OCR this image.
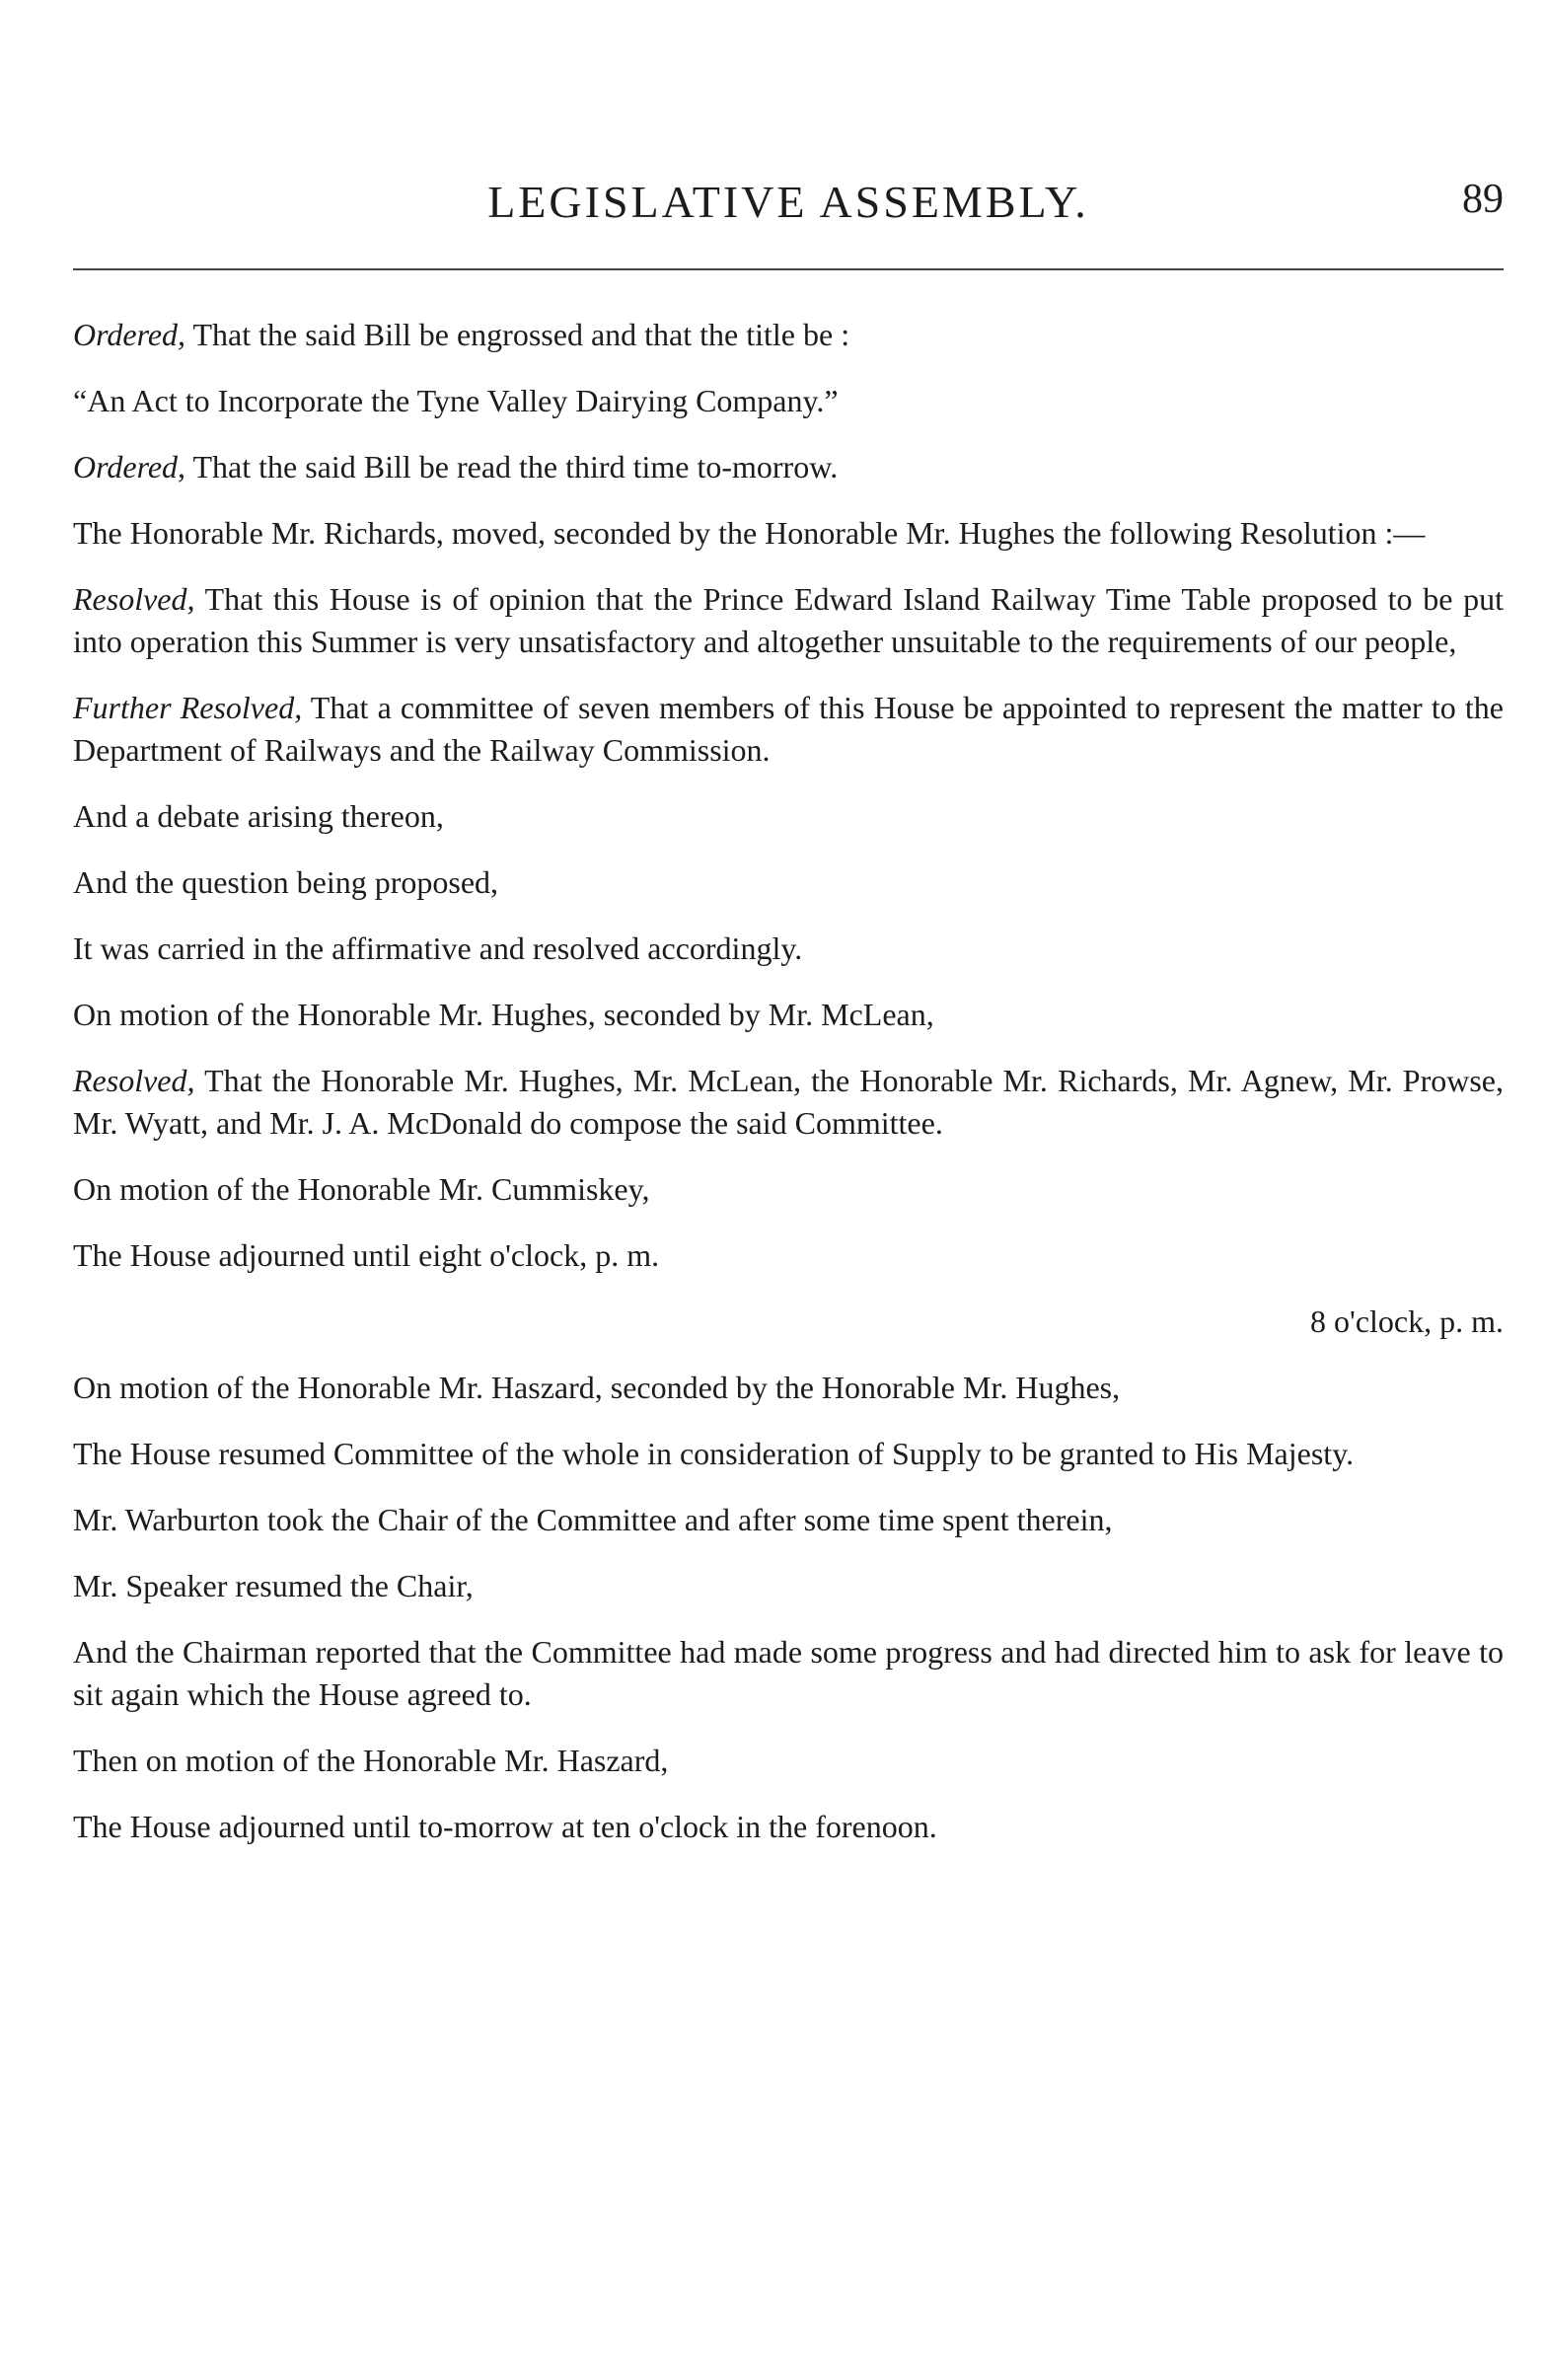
LEGISLATIVE ASSEMBLY.	89

Ordered, That the said Bill be engrossed and that the title be :

“An Act to Incorporate the Tyne Valley Dairying Company.”

Ordered, That the said Bill be read the third time to-morrow.

The Honorable Mr. Richards, moved, seconded by the Honorable Mr. Hughes the following Resolution :—

Resolved, That this House is of opinion that the Prince Edward Island Railway Time Table proposed to be put into operation this Summer is very unsatisfactory and altogether unsuitable to the requirements of our people,

Further Resolved, That a committee of seven members of this House be appointed to represent the matter to the Department of Railways and the Railway Commission.

And a debate arising thereon,

And the question being proposed,

It was carried in the affirmative and resolved accordingly.

On motion of the Honorable Mr. Hughes, seconded by Mr. McLean,

Resolved, That the Honorable Mr. Hughes, Mr. McLean, the Honorable Mr. Richards, Mr. Agnew, Mr. Prowse, Mr. Wyatt, and Mr. J. A. McDonald do compose the said Committee.

On motion of the Honorable Mr. Cummiskey,

The House adjourned until eight o'clock, p. m.

8 o'clock, p. m.

On motion of the Honorable Mr. Haszard, seconded by the Honorable Mr. Hughes,

The House resumed Committee of the whole in consideration of Supply to be granted to His Majesty.

Mr. Warburton took the Chair of the Committee and after some time spent therein,

Mr. Speaker resumed the Chair,

And the Chairman reported that the Committee had made some progress and had directed him to ask for leave to sit again which the House agreed to.

Then on motion of the Honorable Mr. Haszard,

The House adjourned until to-morrow at ten o'clock in the forenoon.
